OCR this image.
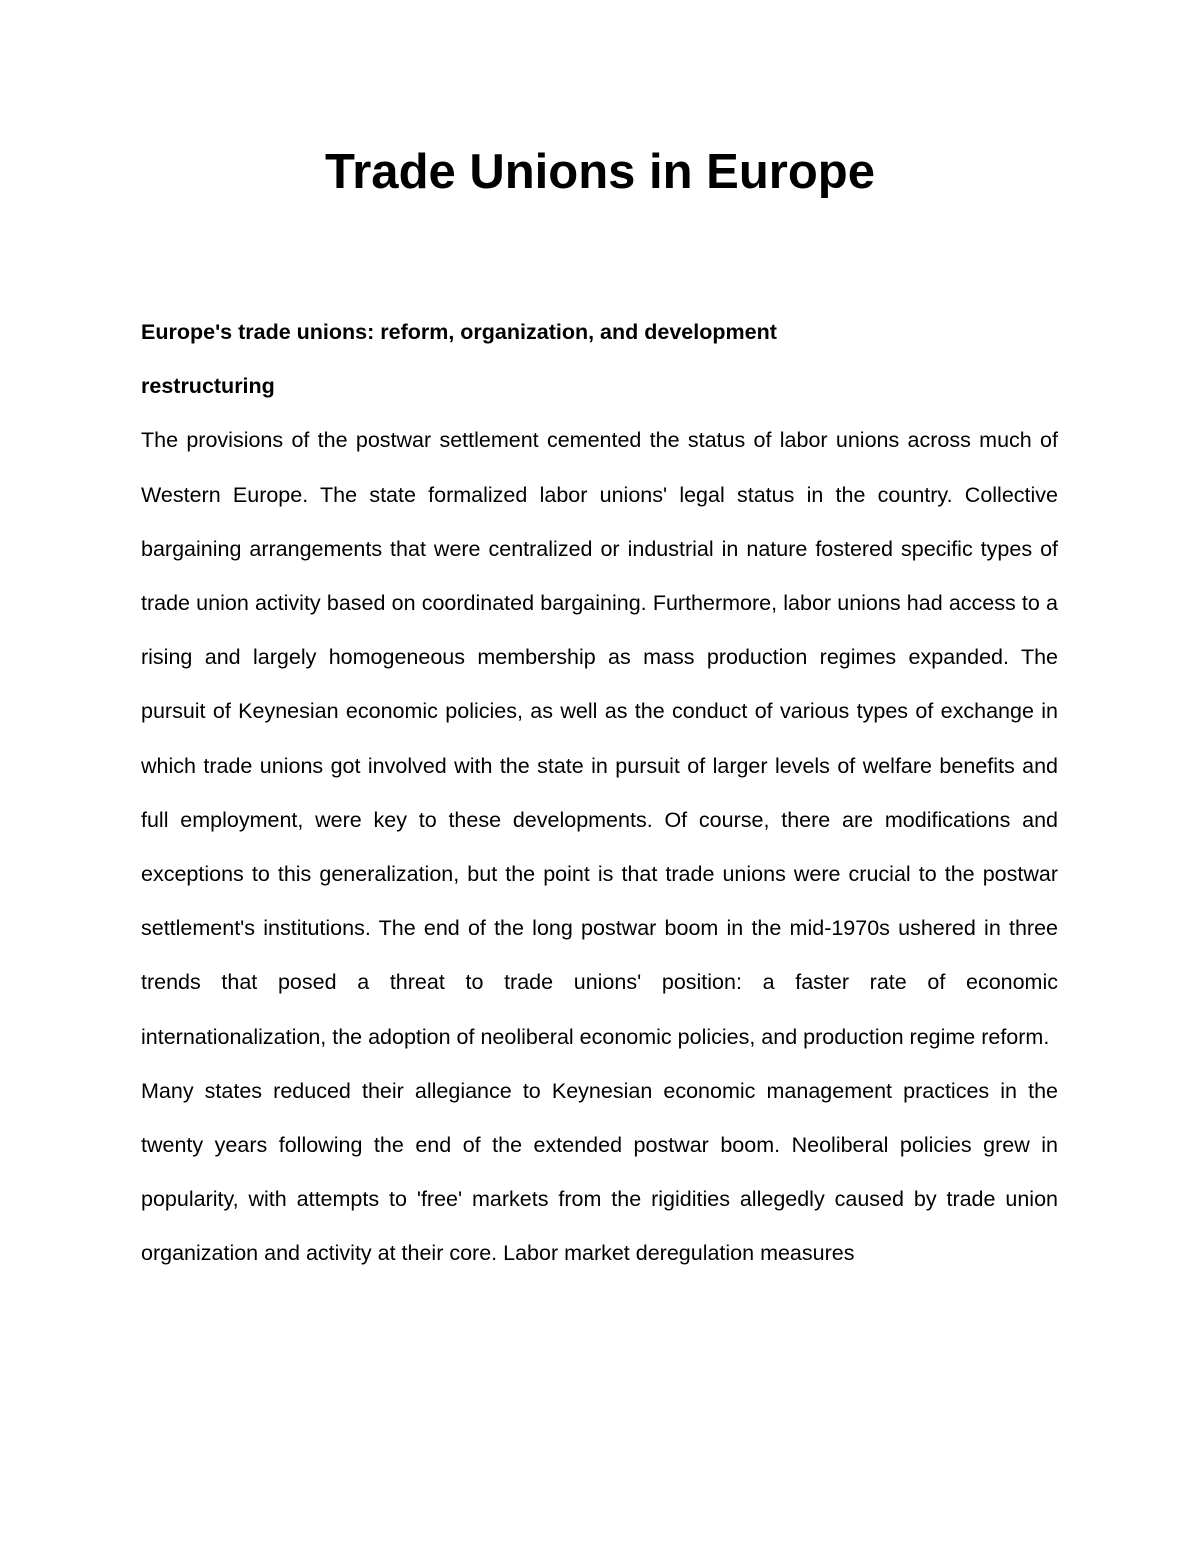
Trade Unions in Europe

Europe's trade unions: reform, organization, and development

restructuring

The provisions of the postwar settlement cemented the status of labor unions across much of Western Europe. The state formalized labor unions' legal status in the country. Collective bargaining arrangements that were centralized or industrial in nature fostered specific types of trade union activity based on coordinated bargaining. Furthermore, labor unions had access to a rising and largely homogeneous membership as mass production regimes expanded. The pursuit of Keynesian economic policies, as well as the conduct of various types of exchange in which trade unions got involved with the state in pursuit of larger levels of welfare benefits and full employment, were key to these developments. Of course, there are modifications and exceptions to this generalization, but the point is that trade unions were crucial to the postwar settlement's institutions. The end of the long postwar boom in the mid-1970s ushered in three trends that posed a threat to trade unions' position: a faster rate of economic internationalization, the adoption of neoliberal economic policies, and production regime reform.

Many states reduced their allegiance to Keynesian economic management practices in the twenty years following the end of the extended postwar boom. Neoliberal policies grew in popularity, with attempts to 'free' markets from the rigidities allegedly caused by trade union organization and activity at their core. Labor market deregulation measures
